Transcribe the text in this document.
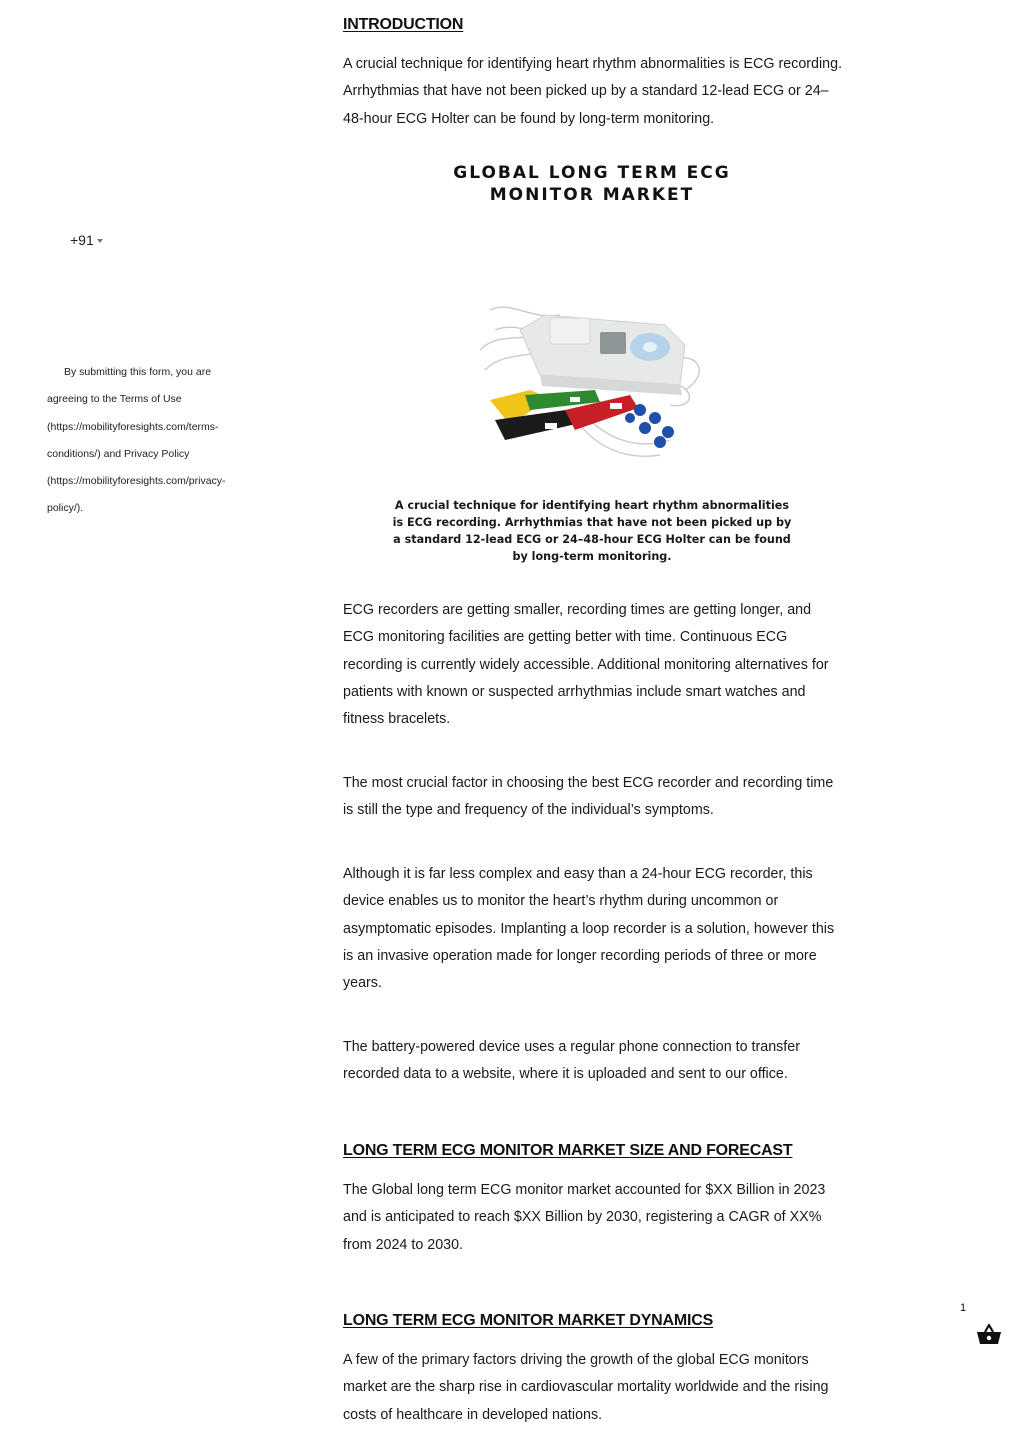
+91
By submitting this form, you are agreeing to the Terms of Use (https://mobilityforesights.com/terms-conditions/) and Privacy Policy (https://mobilityforesights.com/privacy-policy/).
INTRODUCTION

A crucial technique for identifying heart rhythm abnormalities is ECG recording. Arrhythmias that have not been picked up by a standard 12-lead ECG or 24–48-hour ECG Holter can be found by long-term monitoring.

ECG recorders are getting smaller, recording times are getting longer, and ECG monitoring facilities are getting better with time. Continuous ECG recording is currently widely accessible. Additional monitoring alternatives for patients with known or suspected arrhythmias include smart watches and fitness bracelets.

The most crucial factor in choosing the best ECG recorder and recording time is still the type and frequency of the individual’s symptoms.

Although it is far less complex and easy than a 24-hour ECG recorder, this device enables us to monitor the heart’s rhythm during uncommon or asymptomatic episodes. Implanting a loop recorder is a solution, however this is an invasive operation made for longer recording periods of three or more years.

The battery-powered device uses a regular phone connection to transfer recorded data to a website, where it is uploaded and sent to our office.

LONG TERM ECG MONITOR MARKET SIZE AND FORECAST

The Global long term ECG monitor market accounted for $XX Billion in 2023 and is anticipated to reach $XX Billion by 2030, registering a CAGR of XX% from 2024 to 2030.

LONG TERM ECG MONITOR MARKET DYNAMICS

A few of the primary factors driving the growth of the global ECG monitors market are the sharp rise in cardiovascular mortality worldwide and the rising costs of healthcare in developed nations.

GLOBAL LONG TERM ECG
MONITOR MARKET
A crucial technique for identifying heart rhythm abnormalities is ECG recording. Arrhythmias that have not been picked up by a standard 12-lead ECG or 24–48-hour ECG Holter can be found by long-term monitoring.
1
